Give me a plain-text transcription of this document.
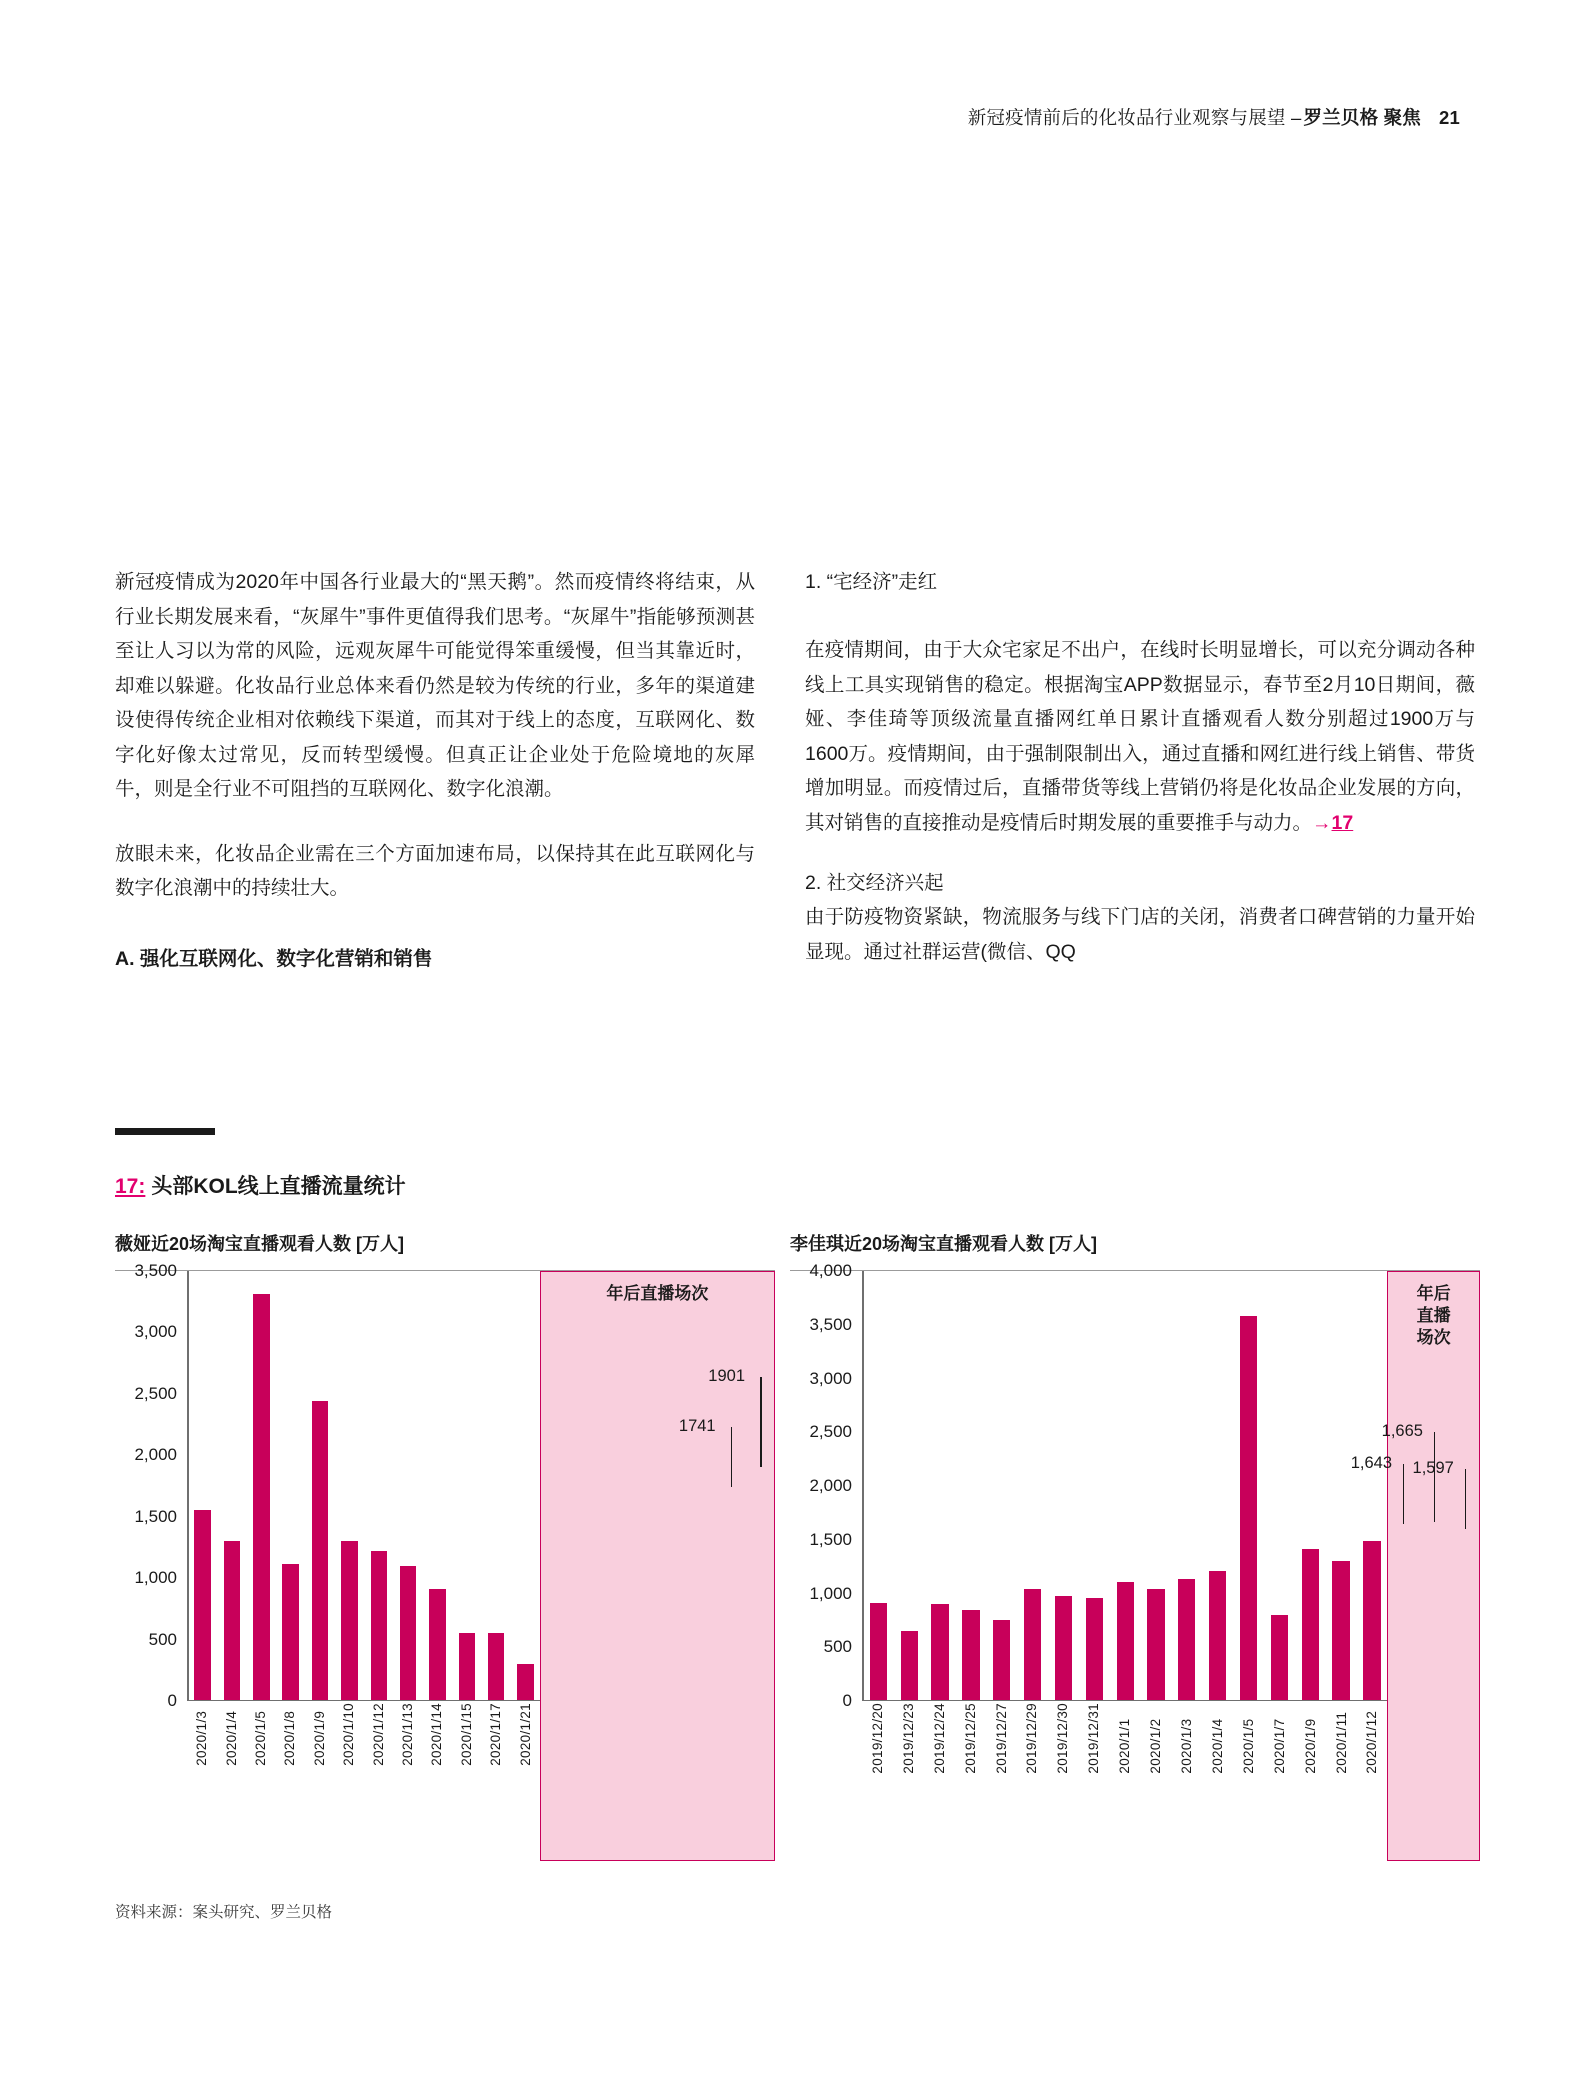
新冠疫情前后的化妆品行业观察与展望 – 罗兰贝格 聚焦 21

新冠疫情成为2020年中国各行业最大的“黑天鹅”。然而疫情终将结束，从行业长期发展来看，“灰犀牛”事件更值得我们思考。“灰犀牛”指能够预测甚至让人习以为常的风险，远观灰犀牛可能觉得笨重缓慢，但当其靠近时，却难以躲避。化妆品行业总体来看仍然是较为传统的行业，多年的渠道建设使得传统企业相对依赖线下渠道，而其对于线上的态度，互联网化、数字化好像太过常见，反而转型缓慢。但真正让企业处于危险境地的灰犀牛，则是全行业不可阻挡的互联网化、数字化浪潮。

放眼未来，化妆品企业需在三个方面加速布局，以保持其在此互联网化与数字化浪潮中的持续壮大。

A. 强化互联网化、数字化营销和销售

1. “宅经济”走红

在疫情期间，由于大众宅家足不出户，在线时长明显增长，可以充分调动各种线上工具实现销售的稳定。根据淘宝APP数据显示，春节至2月10日期间，薇娅、李佳琦等顶级流量直播网红单日累计直播观看人数分别超过1900万与1600万。疫情期间，由于强制限制出入，通过直播和网红进行线上销售、带货增加明显。而疫情过后，直播带货等线上营销仍将是化妆品企业发展的方向，其对销售的直接推动是疫情后时期发展的重要推手与动力。→17

2. 社交经济兴起

由于防疫物资紧缺，物流服务与线下门店的关闭，消费者口碑营销的力量开始显现。通过社群运营(微信、QQ

17: 头部KOL线上直播流量统计
薇娅近20场淘宝直播观看人数 [万人]
0
500
1,000
1,500
2,000
2,500
3,000
3,500
2020/1/3 2020/1/4 2020/1/5 2020/1/8 2020/1/9 2020/1/10 2020/1/12 2020/1/13 2020/1/14 2020/1/15 2020/1/17 2020/1/21
年后直播场次
1741
1901
李佳琪近20场淘宝直播观看人数 [万人]
0
500
1,000
1,500
2,000
2,500
3,000
3,500
4,000
2019/12/20 2019/12/23 2019/12/24 2019/12/25 2019/12/27 2019/12/29 2019/12/30 2019/12/31 2020/1/1 2020/1/2 2020/1/3 2020/1/4 2020/1/5 2020/1/7 2020/1/9 2020/1/11 2020/1/12
年后
直播
场次
1,643
1,665
1,597
资料来源：案头研究、罗兰贝格
